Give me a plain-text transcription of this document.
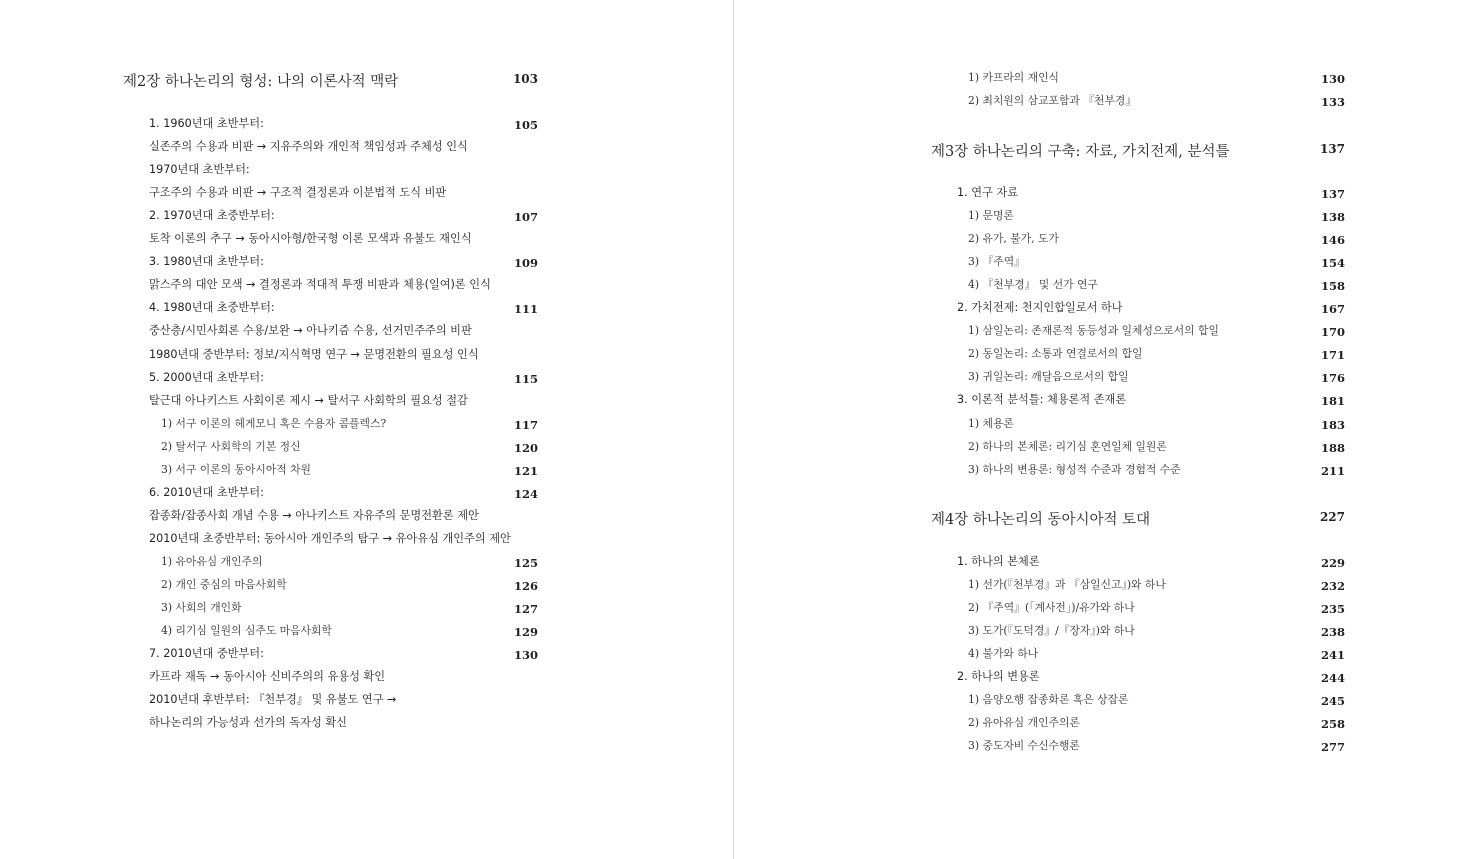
제2장 하나논리의 형성: 나의 이론사적 맥락	103
1. 1960년대 초반부터:	105
실존주의 수용과 비판 → 지유주의와 개인적 책임성과 주체성 인식
1970년대 초반부터:
구조주의 수용과 비판 → 구조적 결정론과 이분법적 도식 비판
2. 1970년대 초중반부터:	107
토착 이론의 추구 → 동아시아형/한국형 이론 모색과 유불도 재인식
3. 1980년대 초반부터:	109
맑스주의 대안 모색 → 결정론과 적대적 투쟁 비판과 체용(일여)론 인식
4. 1980년대 초중반부터:	111
중산층/시민사회론 수용/보완 → 아나키즘 수용, 선거민주주의 비판
1980년대 중반부터: 정보/지식혁명 연구 → 문명전환의 필요성 인식
5. 2000년대 초반부터:	115
탈근대 아나키스트 사회이론 제시 → 탈서구 사회학의 필요성 절감
1) 서구 이론의 헤게모니 혹은 수용자 콤플렉스?	117
2) 탈서구 사회학의 기본 정신	120
3) 서구 이론의 동아시아적 차원	121
6. 2010년대 초반부터:	124
잡종화/잡종사회 개념 수용 → 아나키스트 자유주의 문명전환론 제안
2010년대 초중반부터: 동아시아 개인주의 탐구 → 유아유심 개인주의 제안
1) 유아유심 개인주의	125
2) 개인 중심의 마음사회학	126
3) 사회의 개인화	127
4) 리기심 일원의 심주도 마음사회학	129
7. 2010년대 중반부터:	130
카프라 재독 → 동아시아 신비주의의 유용성 확인
2010년대 후반부터: 『천부경』 및 유불도 연구 →
하나논리의 가능성과 선가의 독자성 확신
1) 카프라의 재인식	130
2) 최치원의 삼교포함과 『천부경』	133
제3장 하나논리의 구축: 자료, 가치전제, 분석틀	137
1. 연구 자료	137
1) 문명론	138
2) 유가, 불가, 도가	146
3) 『주역』	154
4) 『천부경』 및 선가 연구	158
2. 가치전제: 천지인합일로서 하나	167
1) 삼일논리: 존재론적 동등성과 일체성으로서의 합일	170
2) 동일논리: 소통과 연결로서의 합일	171
3) 귀일논리: 깨달음으로서의 합일	176
3. 이론적 분석틀: 체용론적 존재론	181
1) 체용론	183
2) 하나의 본체론: 리기심 혼연일체 일원론	188
3) 하나의 변용론: 형성적 수준과 경험적 수준	211
제4장 하나논리의 동아시아적 토대	227
1. 하나의 본체론	229
1) 선가(『천부경』과 『삼일신고』)와 하나	232
2) 『주역』(「계사전」)/유가와 하나	235
3) 도가(『도덕경』/『장자』)와 하나	238
4) 불가와 하나	241
2. 하나의 변용론	244
1) 음양오행 잡종화론 혹은 상잡론	245
2) 유아유심 개인주의론	258
3) 중도자비 수신수행론	277
